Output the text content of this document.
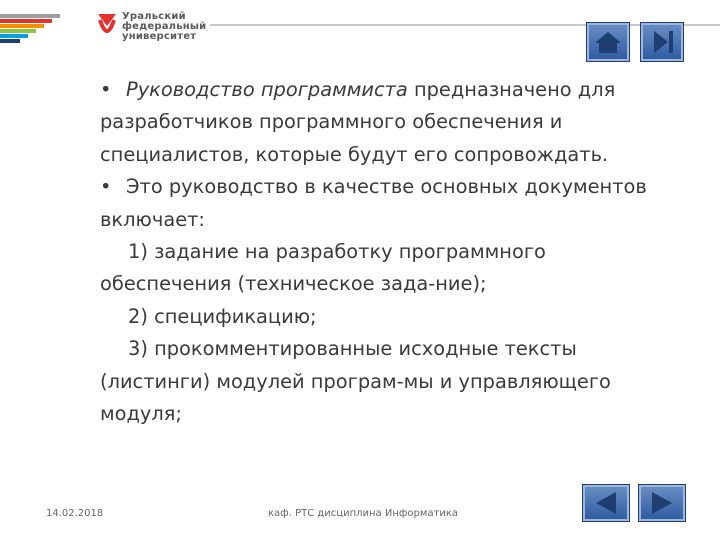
Уральский
федеральный
университет

• Руководство программиста предназначено для разработчиков программного обеспечения и специалистов, которые будут его сопровождать.

• Это руководство в качестве основных документов включает:

1) задание на разработку программного обеспечения (техническое зада-ние);

2) спецификацию;

3) прокомментированные исходные тексты (листинги) модулей програм-мы и управляющего модуля;

14.02.2018	каф. РТС дисциплина Информатика
